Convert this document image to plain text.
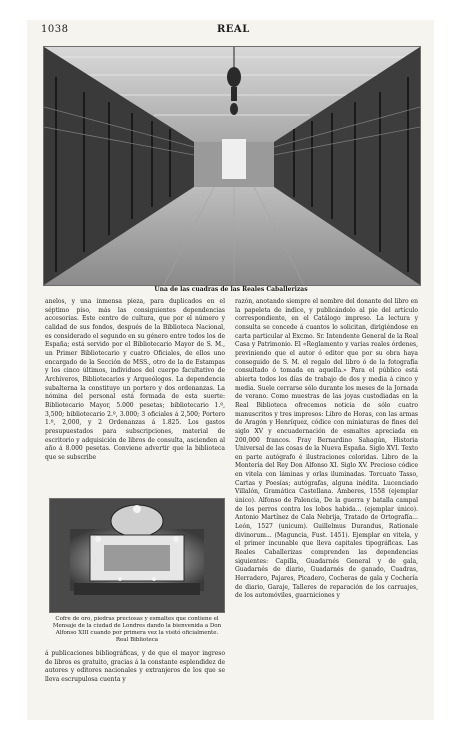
1038	REAL
Una de las cuadras de las Reales Caballerizas

anelos, y una inmensa pieza, para duplicados en el séptimo piso, más las consiguientes dependencias accesorias. Este centro de cultura, que por el número y calidad de sus fondos, después de la Biblioteca Nacional, es considerado el segundo en su género entre todos los de España; está servido por el Bibliotecario Mayor de S. M., un Primer Bibliotecario y cuatro Oficiales, de ellos uno encargado de la Sección de MSS., otro de la de Estampas y los cinco últimos, individuos del cuerpo facultativo de Archiveros, Bibliotecarios y Arqueólogos. La dependencia subalterna la constituye un portero y dos ordenanzas. La nómina del personal está formada de esta suerte: Bibliotecario Mayor, 5.000 pesetas; bibliotecario 1.º, 3,500; bibliotecario 2.º, 3.000; 3 oficiales á 2,500; Portero 1.º, 2,000, y 2 Ordenanzas á 1.825. Los gastos presupuestados para subscripciones, material de escritorio y adquisición de libros de consulta, ascienden al año á 8.000 pesetas. Conviene advertir que la biblioteca que se subscribe

Cofre de oro, piedras preciosas y esmaltes que contiene el Mensaje de la ciudad de Londres dando la bienvenida a Don Alfonso XIII cuando por primera vez la visitó oficialmente. Real Biblioteca

á publicaciones bibliográficas, y de que el mayor ingreso de libros es gratuito, gracias á la constante esplendidez de autores y editores nacionales y extranjeros de los que se lleva escrupulosa cuenta y

razón, anotando siempre el nombre del donante del libro en la papeleta de índice, y publicándolo al pie del artículo correspondiente, en el Catálogo impreso. La lectura y consulta se concede á cuantos lo solicitan, dirigiéndose en carta particular al Excmo. Sr. Intendente General de la Real Casa y Patrimonio. El «Reglamento y varias reales órdenes, previniendo que el autor ó editor que por su obra haya conseguido de S. M. el regalo del libro ó de la fotografía consultado ó tomada en aquella.» Para el público está abierta todos los días de trabajo de dos y media á cinco y media. Suele cerrarse sólo durante los meses de la Jornada de verano. Como muestras de las joyas custodiadas en la Real Biblioteca ofrecemos noticia de sólo cuatro manuscritos y tres impresos: Libro de Horas, con las armas de Aragón y Henríquez, códice con miniaturas de fines del siglo XV y encuadernación de esmaltes apreciada en 200,000 francos. Fray Bernardino Sahagún, Historia Universal de las cosas de la Nueva España. Siglo XVI. Texto en parte autógrafo é ilustraciones coloridas. Libro de la Montería del Rey Don Alfonso XI. Siglo XV. Precioso códice en vitela con láminas y orlas iluminadas. Torcuato Tasso, Cartas y Poesías; autógrafas, alguna inédita. Lucenciado Villalón, Gramática Castellana. Amberes, 1558 (ejemplar único). Alfonso de Palencia, De la guerra y batalla campal de los perros contra los lobos habida... (ejemplar único). Antonio Martínez de Cala Nebrija, Tratado de Ortografía... León, 1527 (unicum). Guillelmus Durandus, Rationale divinorum... (Maguncia, Fust. 1451). Ejemplar en vitela, y el primer incunable que lleva capitales tipográficas. Las Reales Caballerizas comprenden las dependencias siguientes: Capilla, Guadarnés General y de gala, Guadarnés de diario, Guadarnés de ganado, Cuadras, Herradero, Pajares, Picadero, Cocheras de gala y Cochería de diario, Garaje, Talleres de reparación de los carruajes, de los automóviles, guarniciones y
